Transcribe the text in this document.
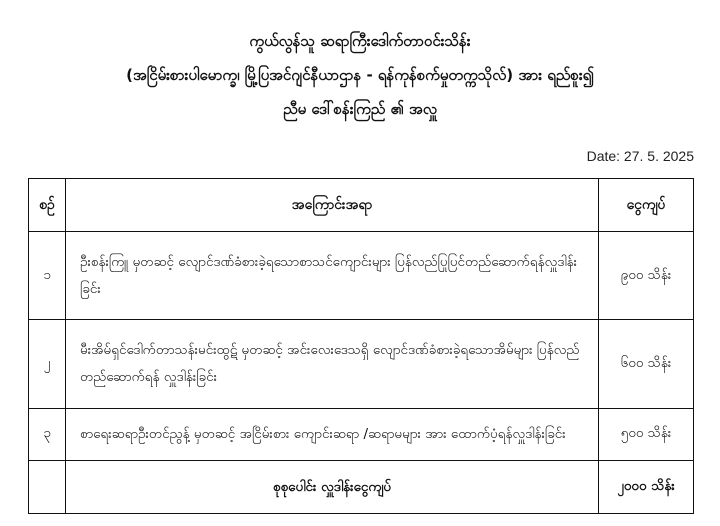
ကွယ်လွန်သူ ဆရာကြီးဒေါက်တာဝင်းသိန်း
(အငြိမ်းစားပါမောက္ခ၊ မြို့ပြအင်ဂျင်နီယာဌာန - ရန်ကုန်စက်မှုတက္ကသိုလ်) အား ရည်စူး၍
ညီမ ဒေါ်စန်းကြည် ၏ အလှူ
Date: 27. 5. 2025
စဉ်	အကြောင်းအရာ	ငွေကျပ်
၁	ဦးစန်းကြူ မှတဆင့် လျောင်ဒဏ်ခံစားခဲ့ရသောစာသင်ကျောင်းများ ပြန်လည်ပြုပြင်တည်ဆောက်ရန်လှူဒါန်းခြင်း	၉၀၀ သိန်း
၂	မီးအိမ်ရှင်ဒေါက်တာသန်းမင်းထွဋ် မှတဆင့် အင်းလေးဒေသရှိ လျောင်ဒဏ်ခံစားခဲ့ရသောအိမ်များ ပြန်လည်တည်ဆောက်ရန် လှူဒါန်းခြင်း	၆၀၀ သိန်း
၃	စာရေးဆရာဦးတင်ညွန့် မှတဆင့် အငြိမ်းစား ကျောင်းဆရာ /ဆရာမများ အား ထောက်ပံ့ရန်လှူဒါန်းခြင်း	၅၀၀ သိန်း
	စုစုပေါင်း လှူဒါန်းငွေကျပ်	၂၀၀၀ သိန်း
